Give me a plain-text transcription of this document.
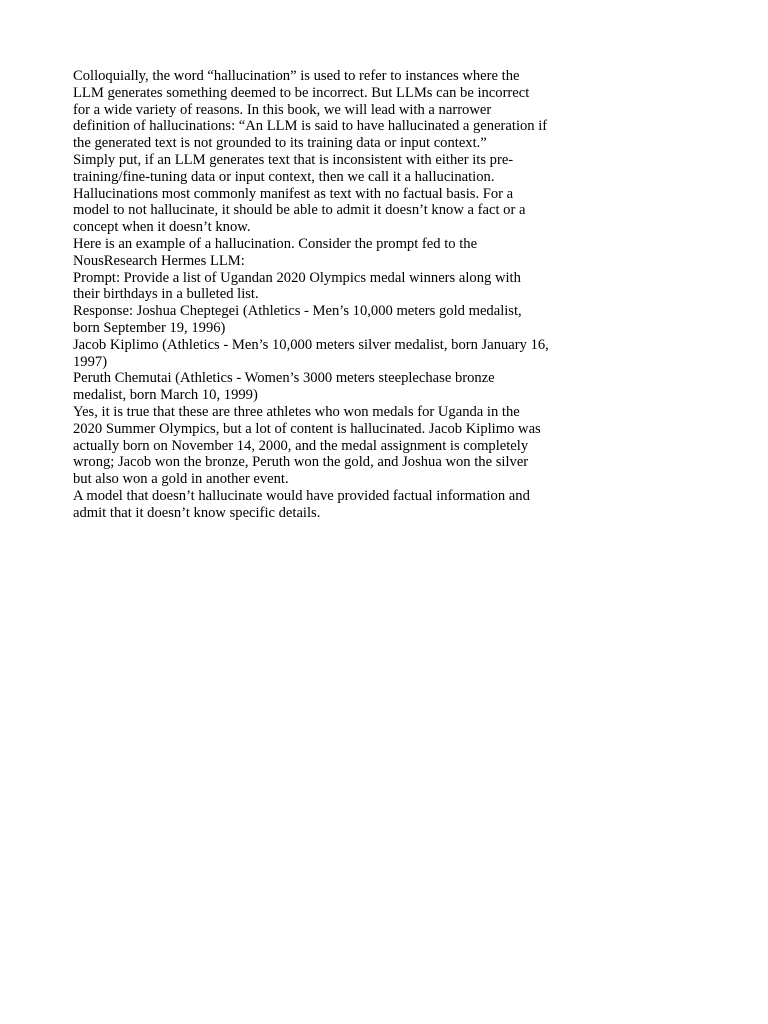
Colloquially, the word “hallucination” is used to refer to instances where the LLM generates something deemed to be incorrect. But LLMs can be incorrect for a wide variety of reasons. In this book, we will lead with a narrower definition of hallucinations: “An LLM is said to have hallucinated a generation if the generated text is not grounded to its training data or input context.”

Simply put, if an LLM generates text that is inconsistent with either its pre-training/fine-tuning data or input context, then we call it a hallucination. Hallucinations most commonly manifest as text with no factual basis. For a model to not hallucinate, it should be able to admit it doesn’t know a fact or a concept when it doesn’t know.

Here is an example of a hallucination. Consider the prompt fed to the NousResearch Hermes LLM:

Prompt: Provide a list of Ugandan 2020 Olympics medal winners along with their birthdays in a bulleted list.

Response: Joshua Cheptegei (Athletics - Men’s 10,000 meters gold medalist, born September 19, 1996)

Jacob Kiplimo (Athletics - Men’s 10,000 meters silver medalist, born January 16, 1997)

Peruth Chemutai (Athletics - Women’s 3000 meters steeplechase bronze medalist, born March 10, 1999)

Yes, it is true that these are three athletes who won medals for Uganda in the 2020 Summer Olympics, but a lot of content is hallucinated. Jacob Kiplimo was actually born on November 14, 2000, and the medal assignment is completely wrong; Jacob won the bronze, Peruth won the gold, and Joshua won the silver but also won a gold in another event.

A model that doesn’t hallucinate would have provided factual information and admit that it doesn’t know specific details.
